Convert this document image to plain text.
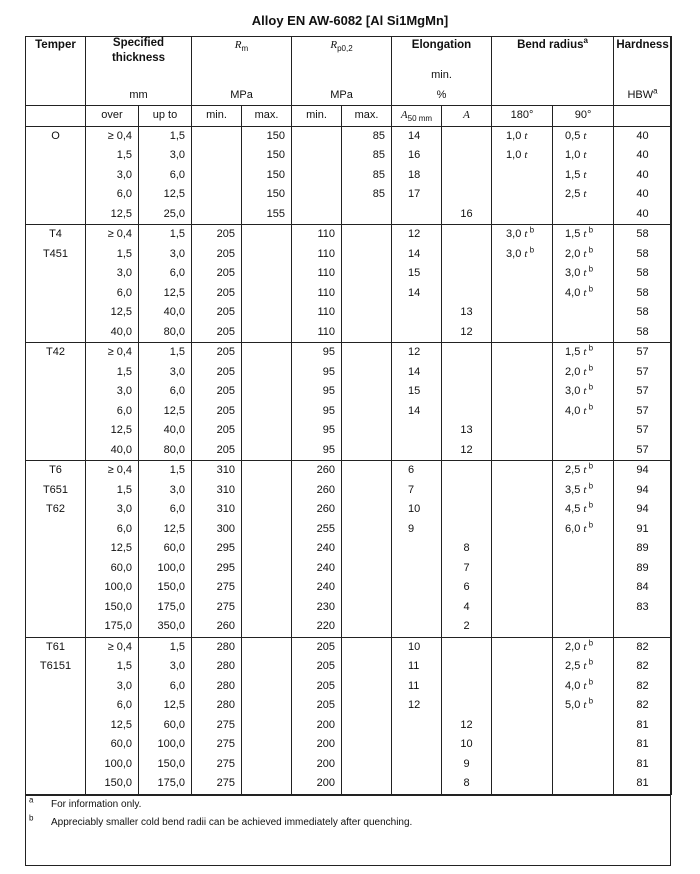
Alloy EN AW-6082 [Al Si1MgMn]
Temper	Specified thickness		$R_m$		$R_{p0,2}$		Elongation		Bend radius$^a$		Hardness
							min.				
	mm		MPa		MPa		%				HBW$^a$
	over	up to	min.	max.	min.	max.	$A_{50 mm}$	A	180°	90°	
O	≥ 0,4	1,5		150		85	14		1,0 t	0,5 t	40
	1,5	3,0		150		85	16		1,0 t	1,0 t	40
	3,0	6,0		150		85	18			1,5 t	40
	6,0	12,5		150		85	17			2,5 t	40
	12,5	25,0		155				16			40
T4	≥ 0,4	1,5	205		110		12		3,0 t $^b$	1,5 t $^b$	58
T451	1,5	3,0	205		110		14		3,0 t $^b$	2,0 t $^b$	58
	3,0	6,0	205		110		15			3,0 t $^b$	58
	6,0	12,5	205		110		14			4,0 t $^b$	58
	12,5	40,0	205		110			13			58
	40,0	80,0	205		110			12			58
T42	≥ 0,4	1,5	205		95		12			1,5 t $^b$	57
	1,5	3,0	205		95		14			2,0 t $^b$	57
	3,0	6,0	205		95		15			3,0 t $^b$	57
	6,0	12,5	205		95		14			4,0 t $^b$	57
	12,5	40,0	205		95			13			57
	40,0	80,0	205		95			12			57
T6	≥ 0,4	1,5	310		260		6			2,5 t $^b$	94
T651	1,5	3,0	310		260		7			3,5 t $^b$	94
T62	3,0	6,0	310		260		10			4,5 t $^b$	94
	6,0	12,5	300		255		9			6,0 t $^b$	91
	12,5	60,0	295		240			8			89
	60,0	100,0	295		240			7			89
	100,0	150,0	275		240			6			84
	150,0	175,0	275		230			4			83
	175,0	350,0	260		220			2			
T61	≥ 0,4	1,5	280		205		10			2,0 t $^b$	82
T6151	1,5	3,0	280		205		11			2,5 t $^b$	82
	3,0	6,0	280		205		11			4,0 t $^b$	82
	6,0	12,5	280		205		12			5,0 t $^b$	82
	12,5	60,0	275		200			12			81
	60,0	100,0	275		200			10			81
	100,0	150,0	275		200			9			81
	150,0	175,0	275		200			8			81
$^a$	For information only.
$^b$	Appreciably smaller cold bend radii can be achieved immediately after quenching.
